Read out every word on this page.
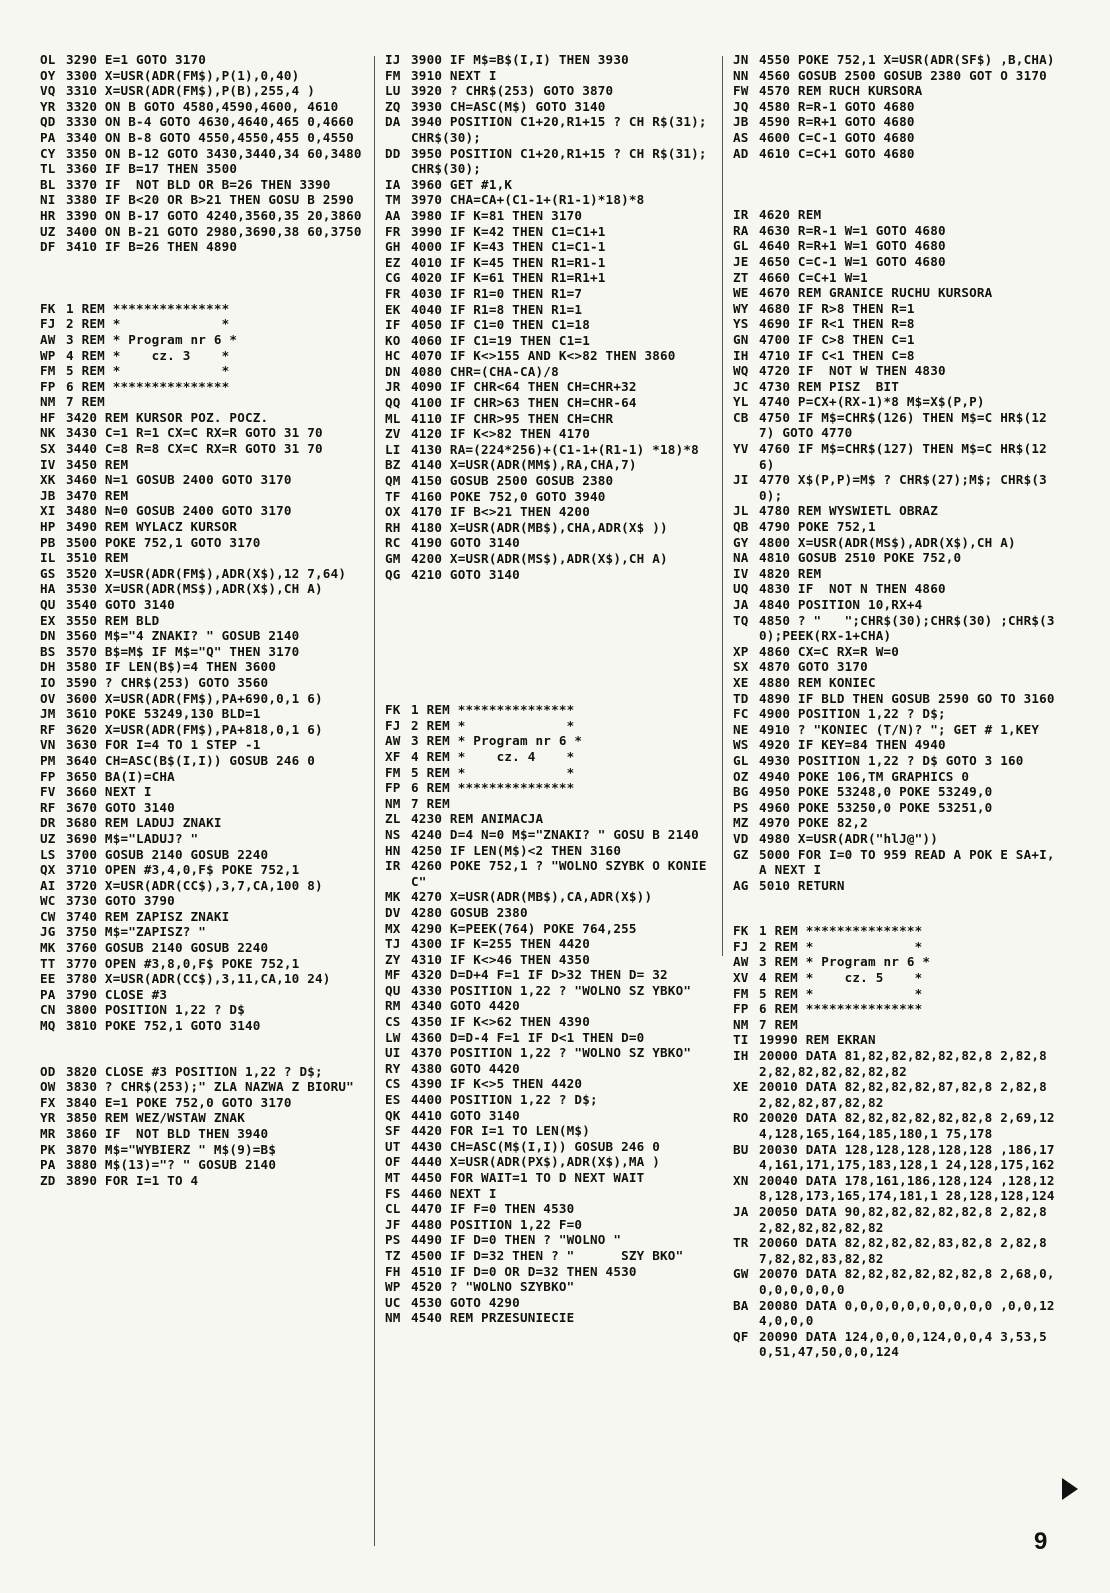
OL 3290 E=1 GOTO 3170
OY 3300 X=USR(ADR(FM$),P(1),0,40)
VQ 3310 X=USR(ADR(FM$),P(B),255,4 )
YR 3320 ON B GOTO 4580,4590,4600, 4610
QD 3330 ON B-4 GOTO 4630,4640,465 0,4660
PA 3340 ON B-8 GOTO 4550,4550,455 0,4550
CY 3350 ON B-12 GOTO 3430,3440,34 60,3480
TL 3360 IF B=17 THEN 3500
BL 3370 IF  NOT BLD OR B=26 THEN 3390
NI 3380 IF B<20 OR B>21 THEN GOSU B 2590
HR 3390 ON B-17 GOTO 4240,3560,35 20,3860
UZ 3400 ON B-21 GOTO 2980,3690,38 60,3750
DF 3410 IF B=26 THEN 4890
FK 1 REM ***************
FJ 2 REM *             *
AW 3 REM * Program nr 6 *
WP 4 REM *    cz. 3    *
FM 5 REM *             *
FP 6 REM ***************
NM 7 REM
HF 3420 REM KURSOR POZ. POCZ.
NK 3430 C=1 R=1 CX=C RX=R GOTO 31 70
SX 3440 C=8 R=8 CX=C RX=R GOTO 31 70
IV 3450 REM
XK 3460 N=1 GOSUB 2400 GOTO 3170
JB 3470 REM
XI 3480 N=0 GOSUB 2400 GOTO 3170
HP 3490 REM WYLACZ KURSOR
PB 3500 POKE 752,1 GOTO 3170
IL 3510 REM
GS 3520 X=USR(ADR(FM$),ADR(X$),12 7,64)
HA 3530 X=USR(ADR(MS$),ADR(X$),CH A)
QU 3540 GOTO 3140
EX 3550 REM BLD
DN 3560 M$="4 ZNAKI? " GOSUB 2140
BS 3570 B$=M$ IF M$="Q" THEN 3170
DH 3580 IF LEN(B$)=4 THEN 3600
IO 3590 ? CHR$(253) GOTO 3560
OV 3600 X=USR(ADR(FM$),PA+690,0,1 6)
JM 3610 POKE 53249,130 BLD=1
RF 3620 X=USR(ADR(FM$),PA+818,0,1 6)
VN 3630 FOR I=4 TO 1 STEP -1
PM 3640 CH=ASC(B$(I,I)) GOSUB 246 0
FP 3650 BA(I)=CHA
FV 3660 NEXT I
RF 3670 GOTO 3140
DR 3680 REM LADUJ ZNAKI
UZ 3690 M$="LADUJ? "
LS 3700 GOSUB 2140 GOSUB 2240
QX 3710 OPEN #3,4,0,F$ POKE 752,1
AI 3720 X=USR(ADR(CC$),3,7,CA,100 8)
WC 3730 GOTO 3790
CW 3740 REM ZAPISZ ZNAKI
JG 3750 M$="ZAPISZ? "
MK 3760 GOSUB 2140 GOSUB 2240
TT 3770 OPEN #3,8,0,F$ POKE 752,1
EE 3780 X=USR(ADR(CC$),3,11,CA,10 24)
PA 3790 CLOSE #3
CN 3800 POSITION 1,22 ? D$
MQ 3810 POKE 752,1 GOTO 3140
OD 3820 CLOSE #3 POSITION 1,22 ? D$;
OW 3830 ? CHR$(253);" ZLA NAZWA Z BIORU"
FX 3840 E=1 POKE 752,0 GOTO 3170
YR 3850 REM WEZ/WSTAW ZNAK
MR 3860 IF  NOT BLD THEN 3940
PK 3870 M$="WYBIERZ " M$(9)=B$
PA 3880 M$(13)="? " GOSUB 2140
ZD 3890 FOR I=1 TO 4
IJ 3900 IF M$=B$(I,I) THEN 3930
FM 3910 NEXT I
LU 3920 ? CHR$(253) GOTO 3870
ZQ 3930 CH=ASC(M$) GOTO 3140
DA 3940 POSITION C1+20,R1+15 ? CH R$(31);CHR$(30);
DD 3950 POSITION C1+20,R1+15 ? CH R$(31);CHR$(30);
IA 3960 GET #1,K
TM 3970 CHA=CA+(C1-1+(R1-1)*18)*8
AA 3980 IF K=81 THEN 3170
FR 3990 IF K=42 THEN C1=C1+1
GH 4000 IF K=43 THEN C1=C1-1
EZ 4010 IF K=45 THEN R1=R1-1
CG 4020 IF K=61 THEN R1=R1+1
FR 4030 IF R1=0 THEN R1=7
EK 4040 IF R1=8 THEN R1=1
IF 4050 IF C1=0 THEN C1=18
KO 4060 IF C1=19 THEN C1=1
HC 4070 IF K<>155 AND K<>82 THEN 3860
DN 4080 CHR=(CHA-CA)/8
JR 4090 IF CHR<64 THEN CH=CHR+32
QQ 4100 IF CHR>63 THEN CH=CHR-64
ML 4110 IF CHR>95 THEN CH=CHR
ZV 4120 IF K<>82 THEN 4170
LI 4130 RA=(224*256)+(C1-1+(R1-1) *18)*8
BZ 4140 X=USR(ADR(MM$),RA,CHA,7)
QM 4150 GOSUB 2500 GOSUB 2380
TF 4160 POKE 752,0 GOTO 3940
OX 4170 IF B<>21 THEN 4200
RH 4180 X=USR(ADR(MB$),CHA,ADR(X$ ))
RC 4190 GOTO 3140
GM 4200 X=USR(ADR(MS$),ADR(X$),CH A)
QG 4210 GOTO 3140
FK 1 REM ***************
FJ 2 REM *             *
AW 3 REM * Program nr 6 *
XF 4 REM *    cz. 4    *
FM 5 REM *             *
FP 6 REM ***************
NM 7 REM
ZL 4230 REM ANIMACJA
NS 4240 D=4 N=0 M$="ZNAKI? " GOSU B 2140
HN 4250 IF LEN(M$)<2 THEN 3160
IR 4260 POKE 752,1 ? "WOLNO SZYBK O KONIEC"
MK 4270 X=USR(ADR(MB$),CA,ADR(X$))
DV 4280 GOSUB 2380
MX 4290 K=PEEK(764) POKE 764,255
TJ 4300 IF K=255 THEN 4420
ZY 4310 IF K<>46 THEN 4350
MF 4320 D=D+4 F=1 IF D>32 THEN D= 32
QU 4330 POSITION 1,22 ? "WOLNO SZ YBKO"
RM 4340 GOTO 4420
CS 4350 IF K<>62 THEN 4390
LW 4360 D=D-4 F=1 IF D<1 THEN D=0
UI 4370 POSITION 1,22 ? "WOLNO SZ YBKO"
RY 4380 GOTO 4420
CS 4390 IF K<>5 THEN 4420
ES 4400 POSITION 1,22 ? D$;
QK 4410 GOTO 3140
SF 4420 FOR I=1 TO LEN(M$)
UT 4430 CH=ASC(M$(I,I)) GOSUB 246 0
OF 4440 X=USR(ADR(PX$),ADR(X$),MA )
MT 4450 FOR WAIT=1 TO D NEXT WAIT
FS 4460 NEXT I
CL 4470 IF F=0 THEN 4530
JF 4480 POSITION 1,22 F=0
PS 4490 IF D=0 THEN ? "WOLNO "
TZ 4500 IF D=32 THEN ? "      SZY BKO"
FH 4510 IF D=0 OR D=32 THEN 4530
WP 4520 ? "WOLNO SZYBKO"
UC 4530 GOTO 4290
NM 4540 REM PRZESUNIECIE
JN 4550 POKE 752,1 X=USR(ADR(SF$) ,B,CHA)
NN 4560 GOSUB 2500 GOSUB 2380 GOT O 3170
FW 4570 REM RUCH KURSORA
JQ 4580 R=R-1 GOTO 4680
JB 4590 R=R+1 GOTO 4680
AS 4600 C=C-1 GOTO 4680
AD 4610 C=C+1 GOTO 4680
IR 4620 REM
RA 4630 R=R-1 W=1 GOTO 4680
GL 4640 R=R+1 W=1 GOTO 4680
JE 4650 C=C-1 W=1 GOTO 4680
ZT 4660 C=C+1 W=1
WE 4670 REM GRANICE RUCHU KURSORA
WY 4680 IF R>8 THEN R=1
YS 4690 IF R<1 THEN R=8
GN 4700 IF C>8 THEN C=1
IH 4710 IF C<1 THEN C=8
WQ 4720 IF  NOT W THEN 4830
JC 4730 REM PISZ  BIT
YL 4740 P=CX+(RX-1)*8 M$=X$(P,P)
CB 4750 IF M$=CHR$(126) THEN M$=C HR$(127) GOTO 4770
YV 4760 IF M$=CHR$(127) THEN M$=C HR$(126)
JI 4770 X$(P,P)=M$ ? CHR$(27);M$; CHR$(30);
JL 4780 REM WYSWIETL OBRAZ
QB 4790 POKE 752,1
GY 4800 X=USR(ADR(MS$),ADR(X$),CH A)
NA 4810 GOSUB 2510 POKE 752,0
IV 4820 REM
UQ 4830 IF  NOT N THEN 4860
JA 4840 POSITION 10,RX+4
TQ 4850 ? "   ";CHR$(30);CHR$(30) ;CHR$(30);PEEK(RX-1+CHA)
XP 4860 CX=C RX=R W=0
SX 4870 GOTO 3170
XE 4880 REM KONIEC
TD 4890 IF BLD THEN GOSUB 2590 GO TO 3160
FC 4900 POSITION 1,22 ? D$;
NE 4910 ? "KONIEC (T/N)? "; GET # 1,KEY
WS 4920 IF KEY=84 THEN 4940
GL 4930 POSITION 1,22 ? D$ GOTO 3 160
OZ 4940 POKE 106,TM GRAPHICS 0
BG 4950 POKE 53248,0 POKE 53249,0
PS 4960 POKE 53250,0 POKE 53251,0
MZ 4970 POKE 82,2
VD 4980 X=USR(ADR("hlJ@"))
GZ 5000 FOR I=0 TO 959 READ A POK E SA+I,A NEXT I
AG 5010 RETURN
FK 1 REM ***************
FJ 2 REM *             *
AW 3 REM * Program nr 6 *
XV 4 REM *    cz. 5    *
FM 5 REM *             *
FP 6 REM ***************
NM 7 REM
TI 19990 REM EKRAN
IH 20000 DATA 81,82,82,82,82,82,8 2,82,82,82,82,82,82,82,82
XE 20010 DATA 82,82,82,82,87,82,8 2,82,82,82,82,87,82,82
RO 20020 DATA 82,82,82,82,82,82,8 2,69,124,128,165,164,185,180,1 75,178
BU 20030 DATA 128,128,128,128,128 ,186,174,161,171,175,183,128,1 24,128,175,162
XN 20040 DATA 178,161,186,128,124 ,128,128,128,173,165,174,181,1 28,128,128,124
JA 20050 DATA 90,82,82,82,82,82,8 2,82,82,82,82,82,82,82
TR 20060 DATA 82,82,82,82,83,82,8 2,82,87,82,82,83,82,82
GW 20070 DATA 82,82,82,82,82,82,8 2,68,0,0,0,0,0,0,0
BA 20080 DATA 0,0,0,0,0,0,0,0,0,0 ,0,0,124,0,0,0
QF 20090 DATA 124,0,0,0,124,0,0,4 3,53,50,51,47,50,0,0,124
9
